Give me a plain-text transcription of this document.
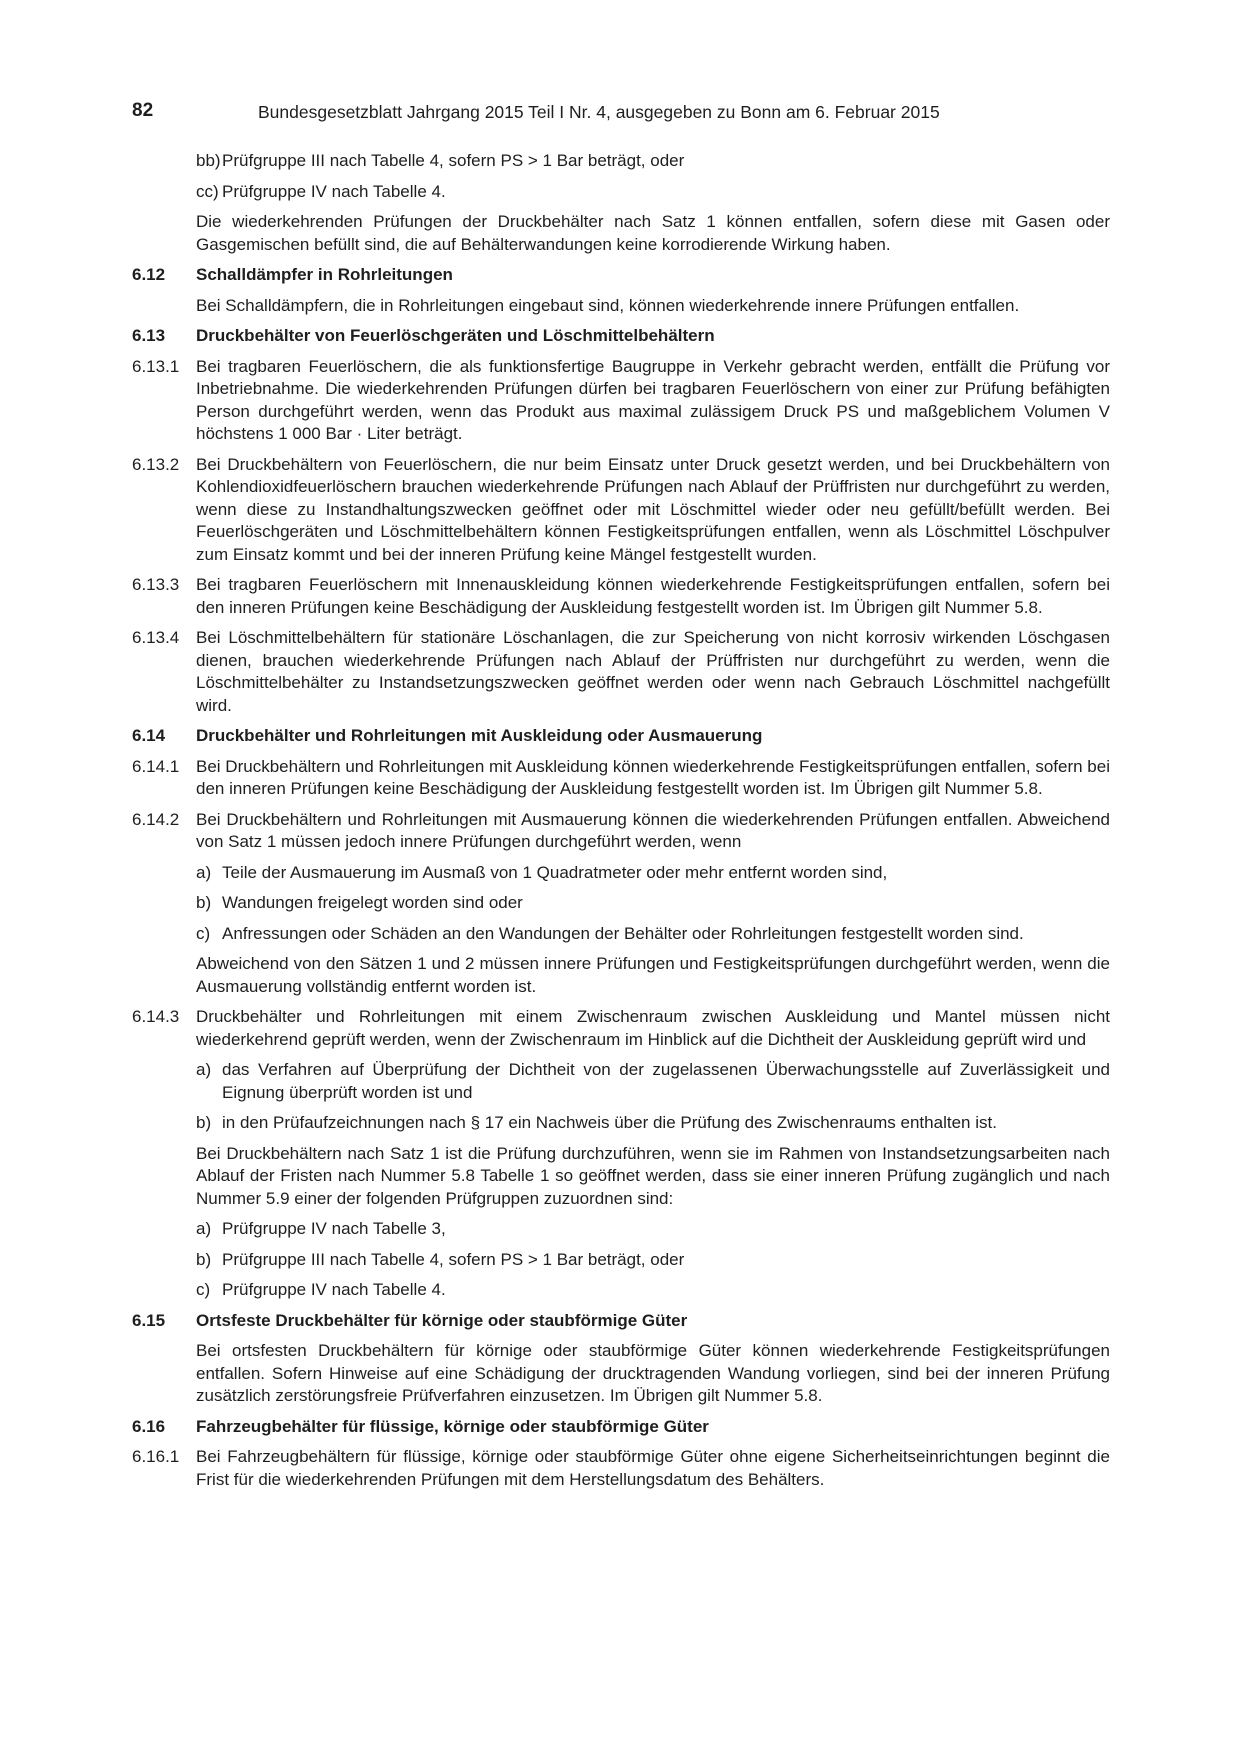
82	Bundesgesetzblatt Jahrgang 2015 Teil I Nr. 4, ausgegeben zu Bonn am 6. Februar 2015
bb) Prüfgruppe III nach Tabelle 4, sofern PS > 1 Bar beträgt, oder
cc) Prüfgruppe IV nach Tabelle 4.
Die wiederkehrenden Prüfungen der Druckbehälter nach Satz 1 können entfallen, sofern diese mit Gasen oder Gasgemischen befüllt sind, die auf Behälterwandungen keine korrodierende Wirkung haben.
6.12	Schalldämpfer in Rohrleitungen
Bei Schalldämpfern, die in Rohrleitungen eingebaut sind, können wiederkehrende innere Prüfungen entfallen.
6.13	Druckbehälter von Feuerlöschgeräten und Löschmittelbehältern
6.13.1 Bei tragbaren Feuerlöschern, die als funktionsfertige Baugruppe in Verkehr gebracht werden, entfällt die Prüfung vor Inbetriebnahme. Die wiederkehrenden Prüfungen dürfen bei tragbaren Feuerlöschern von einer zur Prüfung befähigten Person durchgeführt werden, wenn das Produkt aus maximal zulässigem Druck PS und maßgeblichem Volumen V höchstens 1 000 Bar · Liter beträgt.
6.13.2 Bei Druckbehältern von Feuerlöschern, die nur beim Einsatz unter Druck gesetzt werden, und bei Druckbehältern von Kohlendioxidfeuerlöschern brauchen wiederkehrende Prüfungen nach Ablauf der Prüffristen nur durchgeführt zu werden, wenn diese zu Instandhaltungszwecken geöffnet oder mit Löschmittel wieder oder neu gefüllt/befüllt werden. Bei Feuerlöschgeräten und Löschmittelbehältern können Festigkeitsprüfungen entfallen, wenn als Löschmittel Löschpulver zum Einsatz kommt und bei der inneren Prüfung keine Mängel festgestellt wurden.
6.13.3 Bei tragbaren Feuerlöschern mit Innenauskleidung können wiederkehrende Festigkeitsprüfungen entfallen, sofern bei den inneren Prüfungen keine Beschädigung der Auskleidung festgestellt worden ist. Im Übrigen gilt Nummer 5.8.
6.13.4 Bei Löschmittelbehältern für stationäre Löschanlagen, die zur Speicherung von nicht korrosiv wirkenden Löschgasen dienen, brauchen wiederkehrende Prüfungen nach Ablauf der Prüffristen nur durchgeführt zu werden, wenn die Löschmittelbehälter zu Instandsetzungszwecken geöffnet werden oder wenn nach Gebrauch Löschmittel nachgefüllt wird.
6.14	Druckbehälter und Rohrleitungen mit Auskleidung oder Ausmauerung
6.14.1 Bei Druckbehältern und Rohrleitungen mit Auskleidung können wiederkehrende Festigkeitsprüfungen entfallen, sofern bei den inneren Prüfungen keine Beschädigung der Auskleidung festgestellt worden ist. Im Übrigen gilt Nummer 5.8.
6.14.2 Bei Druckbehältern und Rohrleitungen mit Ausmauerung können die wiederkehrenden Prüfungen entfallen. Abweichend von Satz 1 müssen jedoch innere Prüfungen durchgeführt werden, wenn
a) Teile der Ausmauerung im Ausmaß von 1 Quadratmeter oder mehr entfernt worden sind,
b) Wandungen freigelegt worden sind oder
c) Anfressungen oder Schäden an den Wandungen der Behälter oder Rohrleitungen festgestellt worden sind.
Abweichend von den Sätzen 1 und 2 müssen innere Prüfungen und Festigkeitsprüfungen durchgeführt werden, wenn die Ausmauerung vollständig entfernt worden ist.
6.14.3 Druckbehälter und Rohrleitungen mit einem Zwischenraum zwischen Auskleidung und Mantel müssen nicht wiederkehrend geprüft werden, wenn der Zwischenraum im Hinblick auf die Dichtheit der Auskleidung geprüft wird und
a) das Verfahren auf Überprüfung der Dichtheit von der zugelassenen Überwachungsstelle auf Zuverlässigkeit und Eignung überprüft worden ist und
b) in den Prüfaufzeichnungen nach § 17 ein Nachweis über die Prüfung des Zwischenraums enthalten ist.
Bei Druckbehältern nach Satz 1 ist die Prüfung durchzuführen, wenn sie im Rahmen von Instandsetzungsarbeiten nach Ablauf der Fristen nach Nummer 5.8 Tabelle 1 so geöffnet werden, dass sie einer inneren Prüfung zugänglich und nach Nummer 5.9 einer der folgenden Prüfgruppen zuzuordnen sind:
a) Prüfgruppe IV nach Tabelle 3,
b) Prüfgruppe III nach Tabelle 4, sofern PS > 1 Bar beträgt, oder
c) Prüfgruppe IV nach Tabelle 4.
6.15	Ortsfeste Druckbehälter für körnige oder staubförmige Güter
Bei ortsfesten Druckbehältern für körnige oder staubförmige Güter können wiederkehrende Festigkeitsprüfungen entfallen. Sofern Hinweise auf eine Schädigung der drucktragenden Wandung vorliegen, sind bei der inneren Prüfung zusätzlich zerstörungsfreie Prüfverfahren einzusetzen. Im Übrigen gilt Nummer 5.8.
6.16	Fahrzeugbehälter für flüssige, körnige oder staubförmige Güter
6.16.1 Bei Fahrzeugbehältern für flüssige, körnige oder staubförmige Güter ohne eigene Sicherheitseinrichtungen beginnt die Frist für die wiederkehrenden Prüfungen mit dem Herstellungsdatum des Behälters.
